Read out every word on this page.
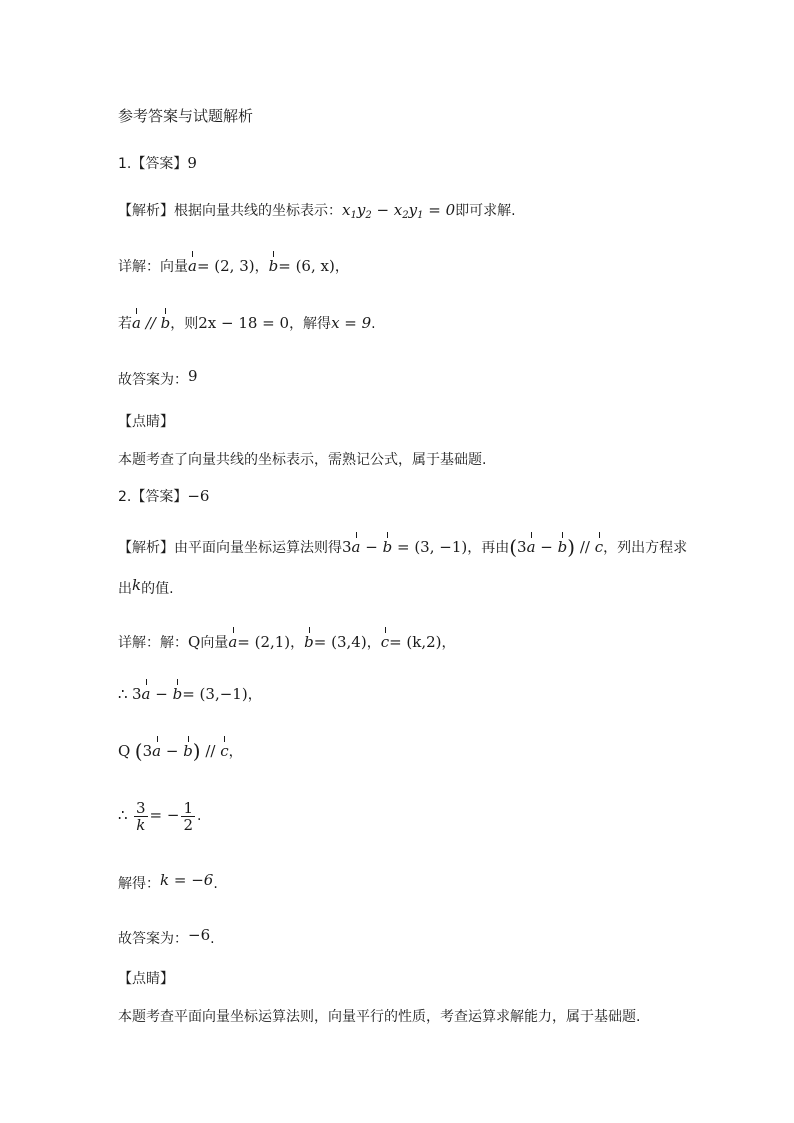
参考答案与试题解析
1.【答案】9
【解析】根据向量共线的坐标表示：$x_1y_2 - x_2y_1 = 0$即可求解.
详解：向量a= (2, 3)，b= (6, x)，
若a // b，则2x − 18 = 0，解得x = 9.
故答案为：9
【点睛】
本题考查了向量共线的坐标表示，需熟记公式，属于基础题.
2.【答案】−6
【解析】由平面向量坐标运算法则得3a − b = (3, −1)，再由(3a − b) // c，列出方程求
出k的值.
详解：解：Q向量a= (2,1)，b= (3,4)，c= (k,2)，
∴ 3a − b= (3,−1)，
Q (3a − b) // c，
∴ $\frac{3}{k}$ = − $\frac{1}{2}$ .
解得：k = −6.
故答案为：−6.
【点睛】
本题考查平面向量坐标运算法则，向量平行的性质，考查运算求解能力，属于基础题.
